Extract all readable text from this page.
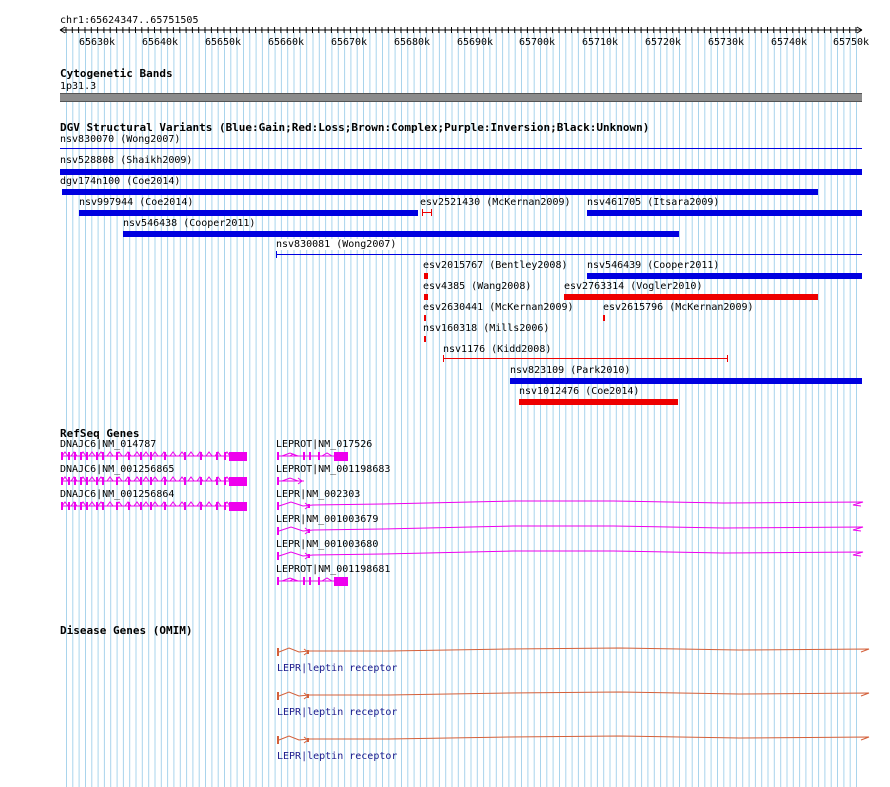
chr1:65624347..65751505
65630k	65640k	65650k	65660k	65670k	65680k	65690k	65700k	65710k	65720k	65730k	65740k	65750k
Cytogenetic Bands
1p31.3
DGV Structural Variants (Blue:Gain;Red:Loss;Brown:Complex;Purple:Inversion;Black:Unknown)
nsv830070 (Wong2007)
nsv528808 (Shaikh2009)
dgv174n100 (Coe2014)
nsv997944 (Coe2014)	esv2521430 (McKernan2009) nsv461705 (Itsara2009)
nsv546438 (Cooper2011)
nsv830081 (Wong2007)
esv2015767 (Bentley2008) nsv546439 (Cooper2011)
esv4385 (Wang2008)	esv2763314 (Vogler2010)
esv2630441 (McKernan2009)	esv2615796 (McKernan2009)
nsv160318 (Mills2006)
nsv1176 (Kidd2008)
nsv823109 (Park2010)
nsv1012476 (Coe2014)
RefSeq Genes
DNAJC6|NM_014787	LEPROT|NM_017526
DNAJC6|NM_001256865	LEPROT|NM_001198683
DNAJC6|NM_001256864	LEPR|NM_002303
LEPR|NM_001003679
LEPR|NM_001003680
LEPROT|NM_001198681
Disease Genes (OMIM)
LEPR|leptin receptor
LEPR|leptin receptor
LEPR|leptin receptor
